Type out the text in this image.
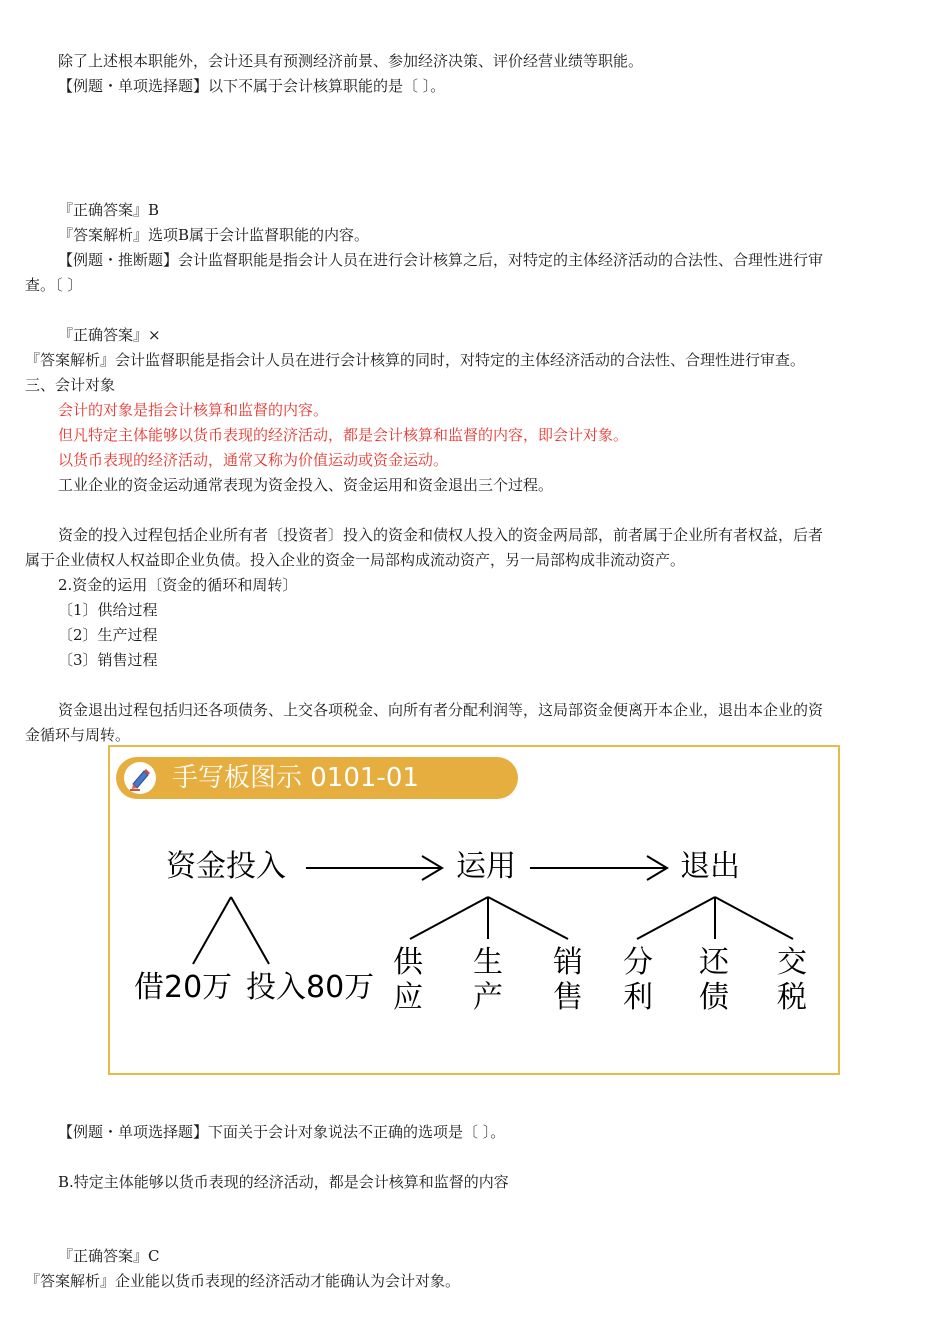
除了上述根本职能外，会计还具有预测经济前景、参加经济决策、评价经营业绩等职能。
【例题・单项选择题】以下不属于会计核算职能的是〔 〕。
『正确答案』B
『答案解析』选项B属于会计监督职能的内容。
【例题・推断题】会计监督职能是指会计人员在进行会计核算之后，对特定的主体经济活动的合法性、合理性进行审
查。〔 〕
『正确答案』×
『答案解析』会计监督职能是指会计人员在进行会计核算的同时，对特定的主体经济活动的合法性、合理性进行审查。
三、会计对象
会计的对象是指会计核算和监督的内容。
但凡特定主体能够以货币表现的经济活动，都是会计核算和监督的内容，即会计对象。
以货币表现的经济活动，通常又称为价值运动或资金运动。
工业企业的资金运动通常表现为资金投入、资金运用和资金退出三个过程。
资金的投入过程包括企业所有者〔投资者〕投入的资金和债权人投入的资金两局部，前者属于企业所有者权益，后者
属于企业债权人权益即企业负债。投入企业的资金一局部构成流动资产，另一局部构成非流动资产。
2.资金的运用〔资金的循环和周转〕
〔1〕供给过程
〔2〕生产过程
〔3〕销售过程
资金退出过程包括归还各项债务、上交各项税金、向所有者分配利润等，这局部资金便离开本企业，退出本企业的资
金循环与周转。
手写板图示 0101-01
资金投入	运用	退出
借20万 投入80万
供
应
生
产
销
售
分
利
还
债
交
税
【例题・单项选择题】下面关于会计对象说法不正确的选项是〔 〕。
B.特定主体能够以货币表现的经济活动，都是会计核算和监督的内容
『正确答案』C
『答案解析』企业能以货币表现的经济活动才能确认为会计对象。
